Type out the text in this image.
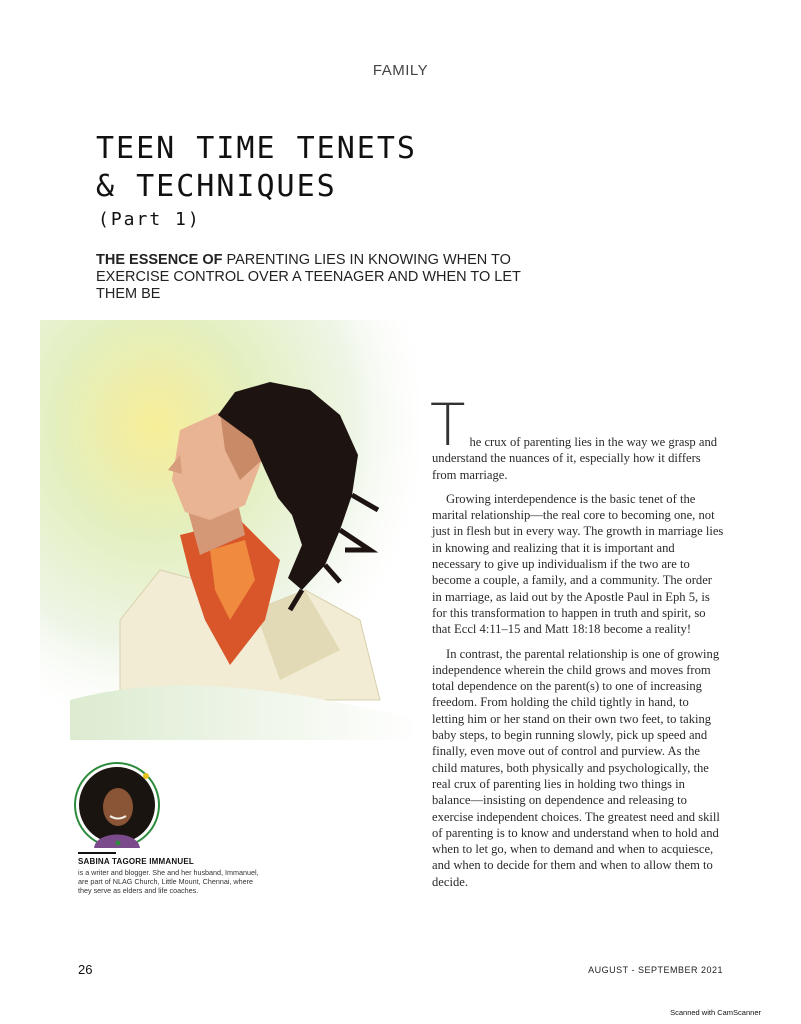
FAMILY
TEEN TIME TENETS
& TECHNIQUES
(Part 1)
THE ESSENCE OF PARENTING LIES IN KNOWING WHEN TO EXERCISE CONTROL OVER A TEENAGER AND WHEN TO LET THEM BE

T he crux of parenting lies in the way we grasp and understand the nuances of it, especially how it differs from marriage.

Growing interdependence is the basic tenet of the marital relationship—the real core to becoming one, not just in flesh but in every way. The growth in marriage lies in knowing and realizing that it is important and necessary to give up individualism if the two are to become a couple, a family, and a community. The order in marriage, as laid out by the Apostle Paul in Eph 5, is for this transformation to happen in truth and spirit, so that Eccl 4:11–15 and Matt 18:18 become a reality!

In contrast, the parental relationship is one of growing independence wherein the child grows and moves from total dependence on the parent(s) to one of increasing freedom. From holding the child tightly in hand, to letting him or her stand on their own two feet, to taking baby steps, to begin running slowly, pick up speed and finally, even move out of control and purview. As the child matures, both physically and psychologically, the real crux of parenting lies in holding two things in balance—insisting on dependence and releasing to exercise independent choices. The greatest need and skill of parenting is to know and understand when to hold and when to let go, when to demand and when to acquiesce, and when to decide for them and when to allow them to decide.

SABINA TAGORE IMMANUEL
is a writer and blogger. She and her husband, Immanuel, are part of NLAG Church, Little Mount, Chennai, where they serve as elders and life coaches.
26	AUGUST - SEPTEMBER 2021
Scanned with CamScanner
